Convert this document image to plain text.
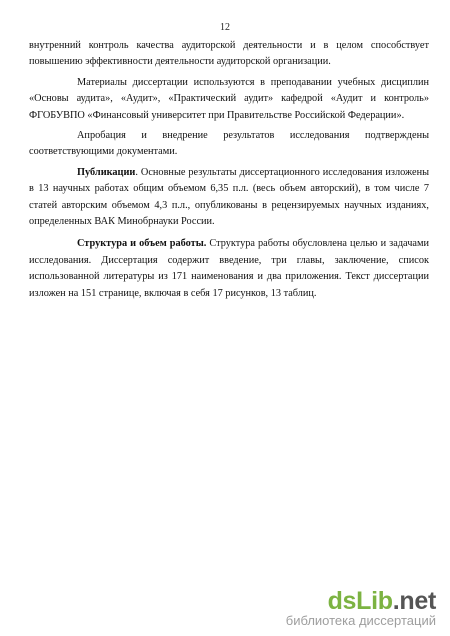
12

внутренний контроль качества аудиторской деятельности и в целом способствует повышению эффективности деятельности аудиторской организации.

Материалы диссертации используются в преподавании учебных дисциплин «Основы аудита», «Аудит», «Практический аудит» кафедрой «Аудит и контроль» ФГОБУВПО «Финансовый университет при Правительстве Российской Федерации».

Апробация и внедрение результатов исследования подтверждены соответствующими документами.

Публикации. Основные результаты диссертационного исследования изложены в 13 научных работах общим объемом 6,35 п.л. (весь объем авторский), в том числе 7 статей авторским объемом 4,3 п.л., опубликованы в рецензируемых научных изданиях, определенных ВАК Минобрнауки России.

Структура и объем работы. Структура работы обусловлена целью и задачами исследования. Диссертация содержит введение, три главы, заключение, список использованной литературы из 171 наименования и два приложения. Текст диссертации изложен на 151 странице, включая в себя 17 рисунков, 13 таблиц.

dsLib.net
библиотека диссертаций
